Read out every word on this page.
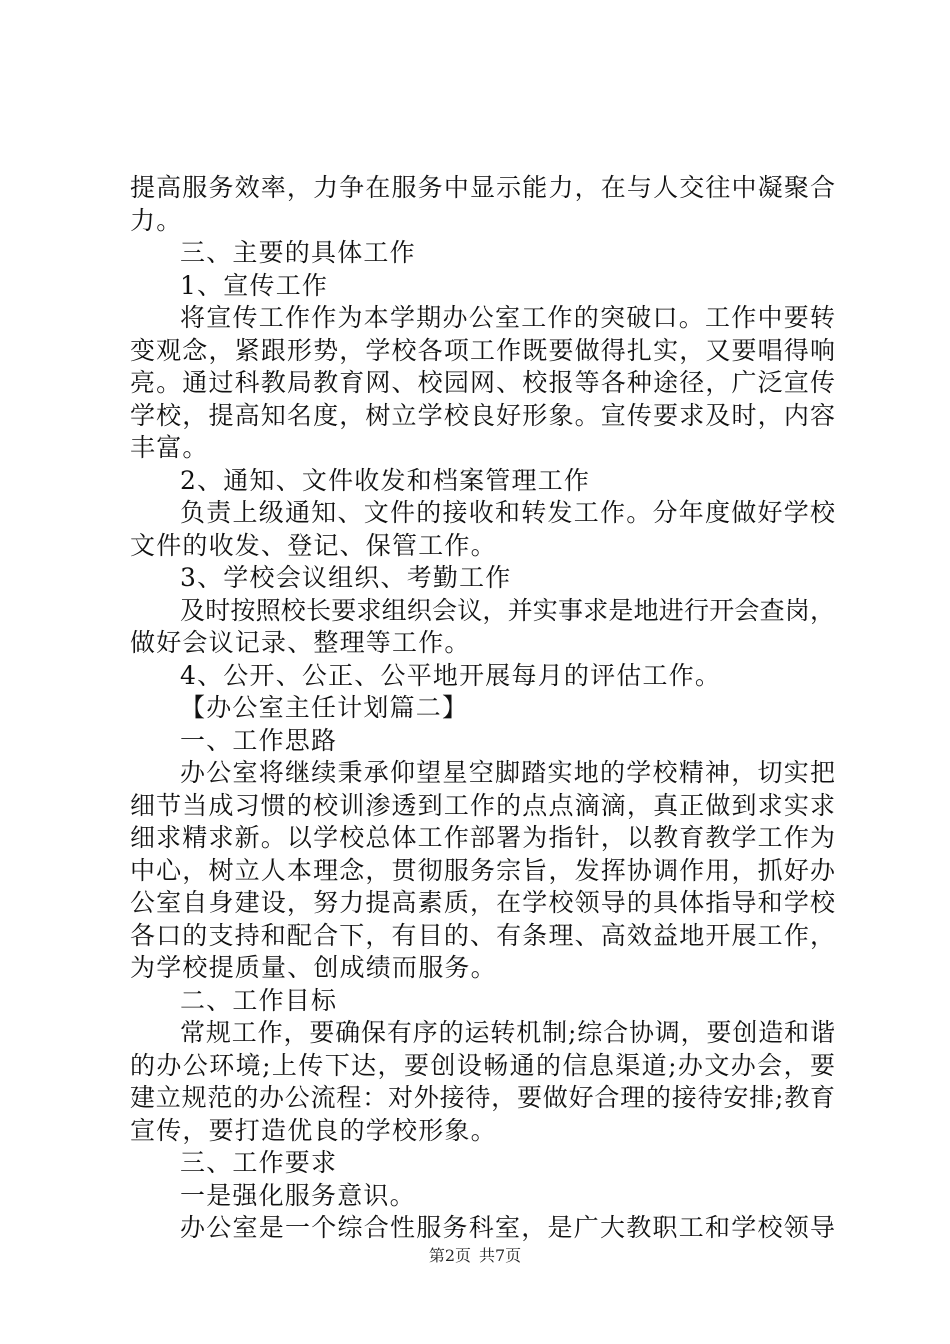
提高服务效率，力争在服务中显示能力，在与人交往中凝聚合
力。
三、主要的具体工作
1、宣传工作
将宣传工作作为本学期办公室工作的突破口。工作中要转
变观念，紧跟形势，学校各项工作既要做得扎实，又要唱得响
亮。通过科教局教育网、校园网、校报等各种途径，广泛宣传
学校，提高知名度，树立学校良好形象。宣传要求及时，内容
丰富。
2、通知、文件收发和档案管理工作
负责上级通知、文件的接收和转发工作。分年度做好学校
文件的收发、登记、保管工作。
3、学校会议组织、考勤工作
及时按照校长要求组织会议，并实事求是地进行开会查岗，
做好会议记录、整理等工作。
4、公开、公正、公平地开展每月的评估工作。
【办公室主任计划篇二】
一、工作思路
办公室将继续秉承仰望星空脚踏实地的学校精神，切实把
细节当成习惯的校训渗透到工作的点点滴滴，真正做到求实求
细求精求新。以学校总体工作部署为指针，以教育教学工作为
中心，树立人本理念，贯彻服务宗旨，发挥协调作用，抓好办
公室自身建设，努力提高素质，在学校领导的具体指导和学校
各口的支持和配合下，有目的、有条理、高效益地开展工作，
为学校提质量、创成绩而服务。
二、工作目标
常规工作，要确保有序的运转机制;综合协调，要创造和谐
的办公环境;上传下达，要创设畅通的信息渠道;办文办会，要
建立规范的办公流程：对外接待，要做好合理的接待安排;教育
宣传，要打造优良的学校形象。
三、工作要求
一是强化服务意识。
办公室是一个综合性服务科室，是广大教职工和学校领导
第2页 共7页
